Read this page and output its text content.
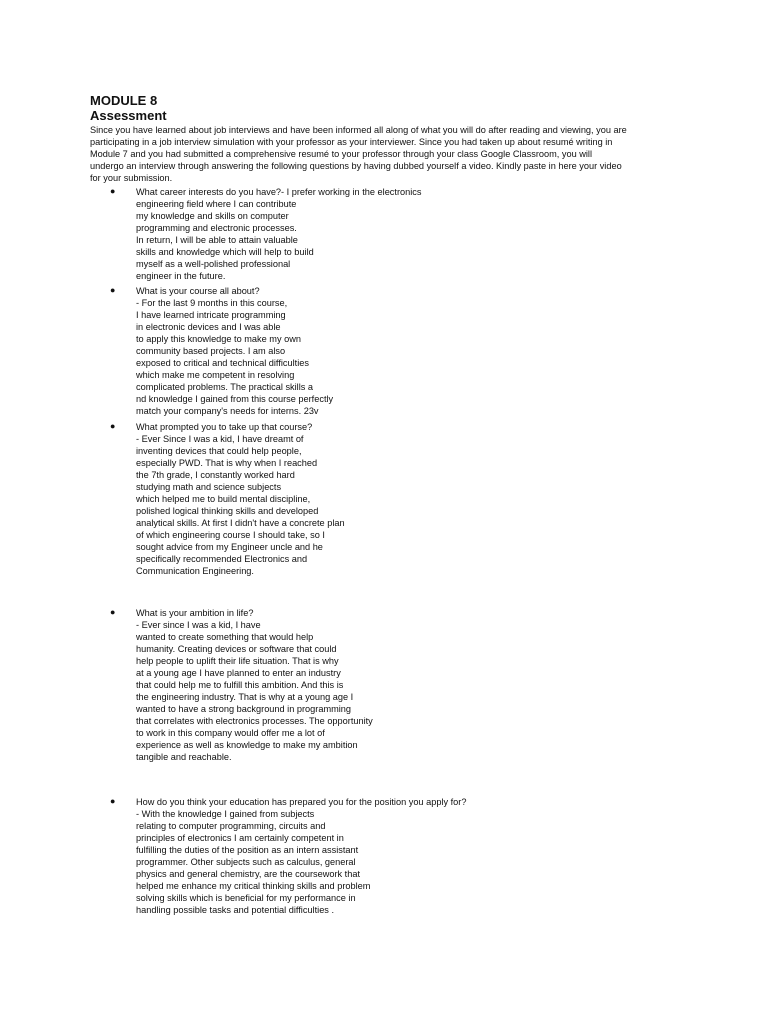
MODULE 8
Assessment
Since you have learned about job interviews and have been informed all along of what you will do after reading and viewing, you are
participating in a job interview simulation with your professor as your interviewer. Since you had taken up about resumé writing in
Module 7 and you had submitted a comprehensive resumé to your professor through your class Google Classroom, you will
undergo an interview through answering the following questions by having dubbed yourself a video. Kindly paste in here your video
for your submission.
●	What career interests do you have?- I prefer working in the electronics
engineering field where I can contribute
my knowledge and skills on computer
programming and electronic processes.
In return, I will be able to attain valuable
skills and knowledge which will help to build
myself as a well-polished professional
engineer in the future.
●	What is your course all about?
- For the last 9 months in this course,
I have learned intricate programming
in electronic devices and I was able
to apply this knowledge to make my own
community based projects. I am also
exposed to critical and technical difficulties
which make me competent in resolving
complicated problems. The practical skills a
nd knowledge I gained from this course perfectly
match your company's needs for interns. 23v
●	What prompted you to take up that course?
- Ever Since I was a kid, I have dreamt of
inventing devices that could help people,
especially PWD. That is why when I reached
the 7th grade, I constantly worked hard
studying math and science subjects
which helped me to build mental discipline,
polished logical thinking skills and developed
analytical skills. At first I didn't have a concrete plan
of which engineering course I should take, so I
sought advice from my Engineer uncle and he
specifically recommended Electronics and
Communication Engineering.
●	What is your ambition in life?
- Ever since I was a kid, I have
wanted to create something that would help
humanity. Creating devices or software that could
help people to uplift their life situation. That is why
at a young age I have planned to enter an industry
that could help me to fulfill this ambition. And this is
the engineering industry. That is why at a young age I
wanted to have a strong background in programming
that correlates with electronics processes. The opportunity
to work in this company would offer me a lot of
experience as well as knowledge to make my ambition
tangible and reachable.
●	How do you think your education has prepared you for the position you apply for?
- With the knowledge I gained from subjects
relating to computer programming, circuits and
principles of electronics I am certainly competent in
fulfilling the duties of the position as an intern assistant
programmer. Other subjects such as calculus, general
physics and general chemistry, are the coursework that
helped me enhance my critical thinking skills and problem
solving skills which is beneficial for my performance in
handling possible tasks and potential difficulties .
